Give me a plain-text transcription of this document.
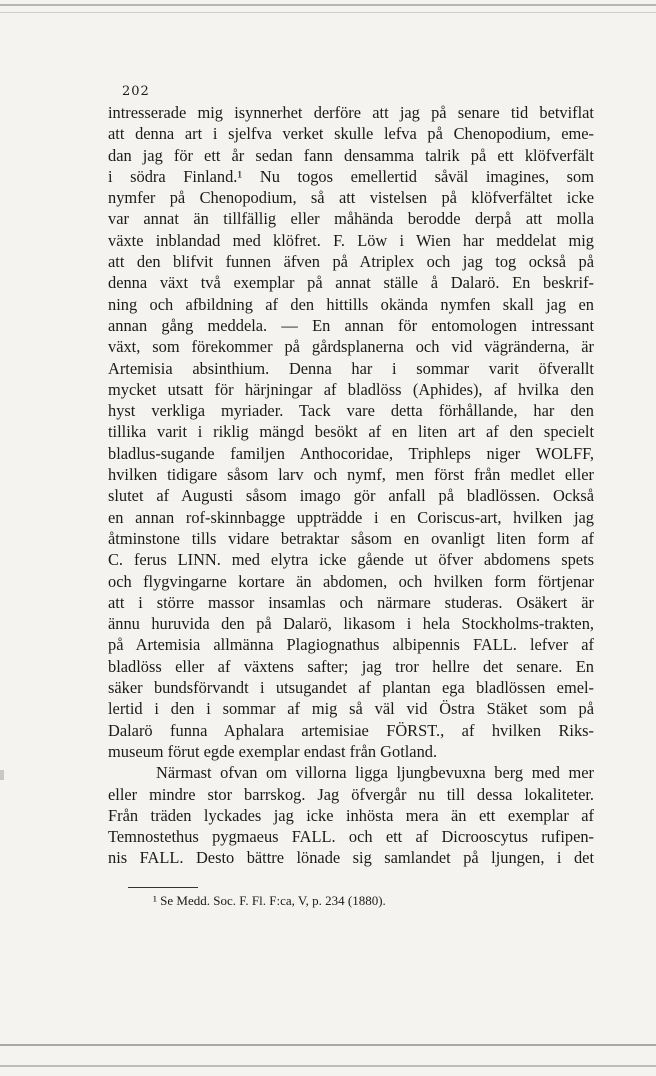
202
intresserade mig isynnerhet derföre att jag på senare tid betviflat
att denna art i sjelfva verket skulle lefva på Chenopodium, eme-
dan jag för ett år sedan fann densamma talrik på ett klöfverfält
i södra Finland.¹ Nu togos emellertid såväl imagines, som
nymfer på Chenopodium, så att vistelsen på klöfverfältet icke
var annat än tillfällig eller måhända berodde derpå att molla
växte inblandad med klöfret. F. Löw i Wien har meddelat mig
att den blifvit funnen äfven på Atriplex och jag tog också på
denna växt två exemplar på annat ställe å Dalarö. En beskrif-
ning och afbildning af den hittills okända nymfen skall jag en
annan gång meddela. — En annan för entomologen intressant
växt, som förekommer på gårdsplanerna och vid vägränderna, är
Artemisia absinthium. Denna har i sommar varit öfverallt
mycket utsatt för härjningar af bladlöss (Aphides), af hvilka den
hyst verkliga myriader. Tack vare detta förhållande, har den
tillika varit i riklig mängd besökt af en liten art af den specielt
bladlus-sugande familjen Anthocoridae, Triphleps niger WOLFF,
hvilken tidigare såsom larv och nymf, men först från medlet eller
slutet af Augusti såsom imago gör anfall på bladlössen. Också
en annan rof-skinnbagge uppträdde i en Coriscus-art, hvilken jag
åtminstone tills vidare betraktar såsom en ovanligt liten form af
C. ferus LINN. med elytra icke gående ut öfver abdomens spets
och flygvingarne kortare än abdomen, och hvilken form förtjenar
att i större massor insamlas och närmare studeras. Osäkert är
ännu huruvida den på Dalarö, likasom i hela Stockholms-trakten,
på Artemisia allmänna Plagiognathus albipennis FALL. lefver af
bladlöss eller af växtens safter; jag tror hellre det senare. En
säker bundsförvandt i utsugandet af plantan ega bladlössen emel-
lertid i den i sommar af mig så väl vid Östra Stäket som på
Dalarö funna Aphalara artemisiae FÖRST., af hvilken Riks-
museum förut egde exemplar endast från Gotland.
Närmast ofvan om villorna ligga ljungbevuxna berg med mer
eller mindre stor barrskog. Jag öfvergår nu till dessa lokaliteter.
Från träden lyckades jag icke inhösta mera än ett exemplar af
Temnostethus pygmaeus FALL. och ett af Dicrooscytus rufipen-
nis FALL. Desto bättre lönade sig samlandet på ljungen, i det
¹ Se Medd. Soc. F. Fl. F:ca, V, p. 234 (1880).
